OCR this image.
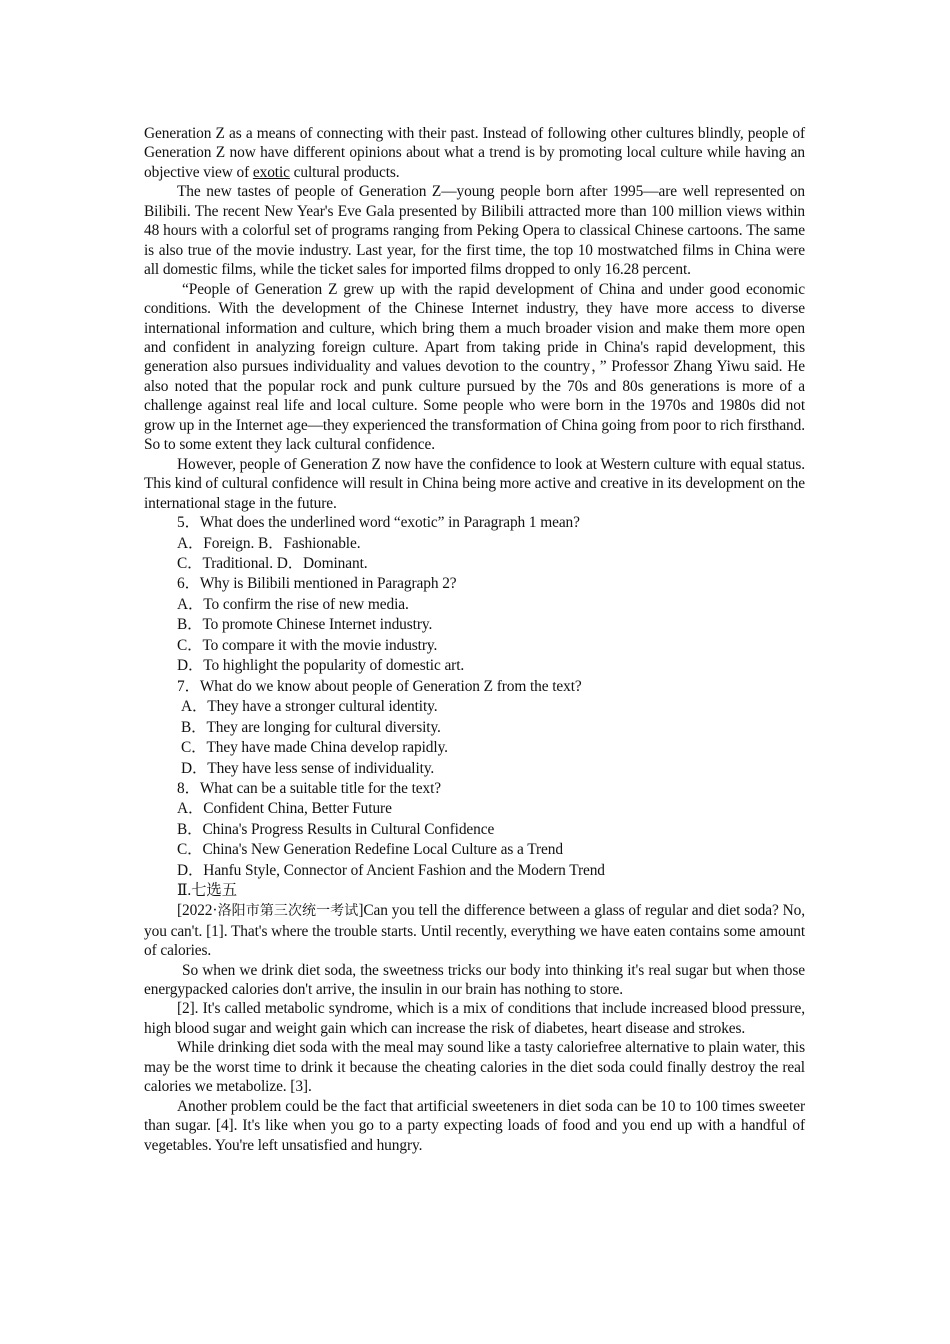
Generation Z as a means of connecting with their past. Instead of following other cultures blindly, people of Generation Z now have different opinions about what a trend is by promoting local culture while having an objective view of exotic cultural products.

The new tastes of people of Generation Z—young people born after 1995—are well represented on Bilibili. The recent New Year's Eve Gala presented by Bilibili attracted more than 100 million views within 48 hours with a colorful set of programs ranging from Peking Opera to classical Chinese cartoons. The same is also true of the movie industry. Last year, for the first time, the top 10 mostwatched films in China were all domestic films, while the ticket sales for imported films dropped to only 16.28 percent.

“People of Generation Z grew up with the rapid development of China and under good economic conditions. With the development of the Chinese Internet industry, they have more access to diverse international information and culture, which bring them a much broader vision and make them more open and confident in analyzing foreign culture. Apart from taking pride in China's rapid development, this generation also pursues individuality and values devotion to the country，” Professor Zhang Yiwu said. He also noted that the popular rock and punk culture pursued by the 70s and 80s generations is more of a challenge against real life and local culture. Some people who were born in the 1970s and 1980s did not grow up in the Internet age—they experienced the transformation of China going from poor to rich firsthand. So to some extent they lack cultural confidence.

However, people of Generation Z now have the confidence to look at Western culture with equal status. This kind of cultural confidence will result in China being more active and creative in its development on the international stage in the future.

5．What does the underlined word “exotic” in Paragraph 1 mean?

A．Foreign. B．Fashionable.

C．Traditional. D．Dominant.

6．Why is Bilibili mentioned in Paragraph 2?

A．To confirm the rise of new media.

B．To promote Chinese Internet industry.

C．To compare it with the movie industry.

D．To highlight the popularity of domestic art.

7．What do we know about people of Generation Z from the text?

A．They have a stronger cultural identity.

B．They are longing for cultural diversity.

C．They have made China develop rapidly.

D．They have less sense of individuality.

8．What can be a suitable title for the text?

A．Confident China, Better Future

B．China's Progress Results in Cultural Confidence

C．China's New Generation Redefine Local Culture as a Trend

D．Hanfu Style, Connector of Ancient Fashion and the Modern Trend

Ⅱ.七选五

[2022·洛阳市第三次统一考试]Can you tell the difference between a glass of regular and diet soda? No, you can't. [1]. That's where the trouble starts. Until recently, everything we have eaten contains some amount of calories.

So when we drink diet soda, the sweetness tricks our body into thinking it's real sugar but when those energypacked calories don't arrive, the insulin in our brain has nothing to store.

[2]. It's called metabolic syndrome, which is a mix of conditions that include increased blood pressure, high blood sugar and weight gain which can increase the risk of diabetes, heart disease and strokes.

While drinking diet soda with the meal may sound like a tasty caloriefree alternative to plain water, this may be the worst time to drink it because the cheating calories in the diet soda could finally destroy the real calories we metabolize. [3].

Another problem could be the fact that artificial sweeteners in diet soda can be 10 to 100 times sweeter than sugar. [4]. It's like when you go to a party expecting loads of food and you end up with a handful of vegetables. You're left unsatisfied and hungry.
